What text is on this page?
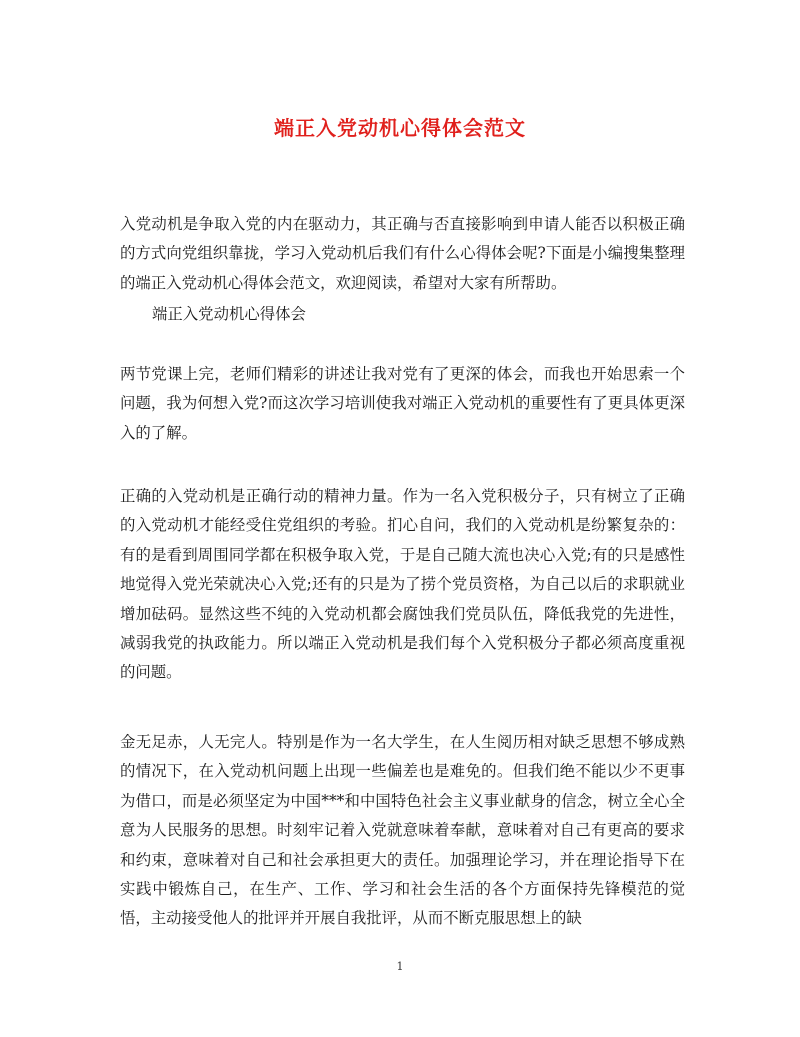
端正入党动机心得体会范文

入党动机是争取入党的内在驱动力，其正确与否直接影响到申请人能否以积极正确的方式向党组织靠拢，学习入党动机后我们有什么心得体会呢?下面是小编搜集整理的端正入党动机心得体会范文，欢迎阅读，希望对大家有所帮助。

端正入党动机心得体会

两节党课上完，老师们精彩的讲述让我对党有了更深的体会，而我也开始思索一个问题，我为何想入党?而这次学习培训使我对端正入党动机的重要性有了更具体更深入的了解。

正确的入党动机是正确行动的精神力量。作为一名入党积极分子，只有树立了正确的入党动机才能经受住党组织的考验。扪心自问，我们的入党动机是纷繁复杂的：有的是看到周围同学都在积极争取入党，于是自己随大流也决心入党;有的只是感性地觉得入党光荣就决心入党;还有的只是为了捞个党员资格，为自己以后的求职就业增加砝码。显然这些不纯的入党动机都会腐蚀我们党员队伍，降低我党的先进性，减弱我党的执政能力。所以端正入党动机是我们每个入党积极分子都必须高度重视的问题。

金无足赤，人无完人。特别是作为一名大学生，在人生阅历相对缺乏思想不够成熟的情况下，在入党动机问题上出现一些偏差也是难免的。但我们绝不能以少不更事为借口，而是必须坚定为中国***和中国特色社会主义事业献身的信念，树立全心全意为人民服务的思想。时刻牢记着入党就意味着奉献，意味着对自己有更高的要求和约束，意味着对自己和社会承担更大的责任。加强理论学习，并在理论指导下在实践中锻炼自己，在生产、工作、学习和社会生活的各个方面保持先锋模范的觉悟，主动接受他人的批评并开展自我批评，从而不断克服思想上的缺

1
